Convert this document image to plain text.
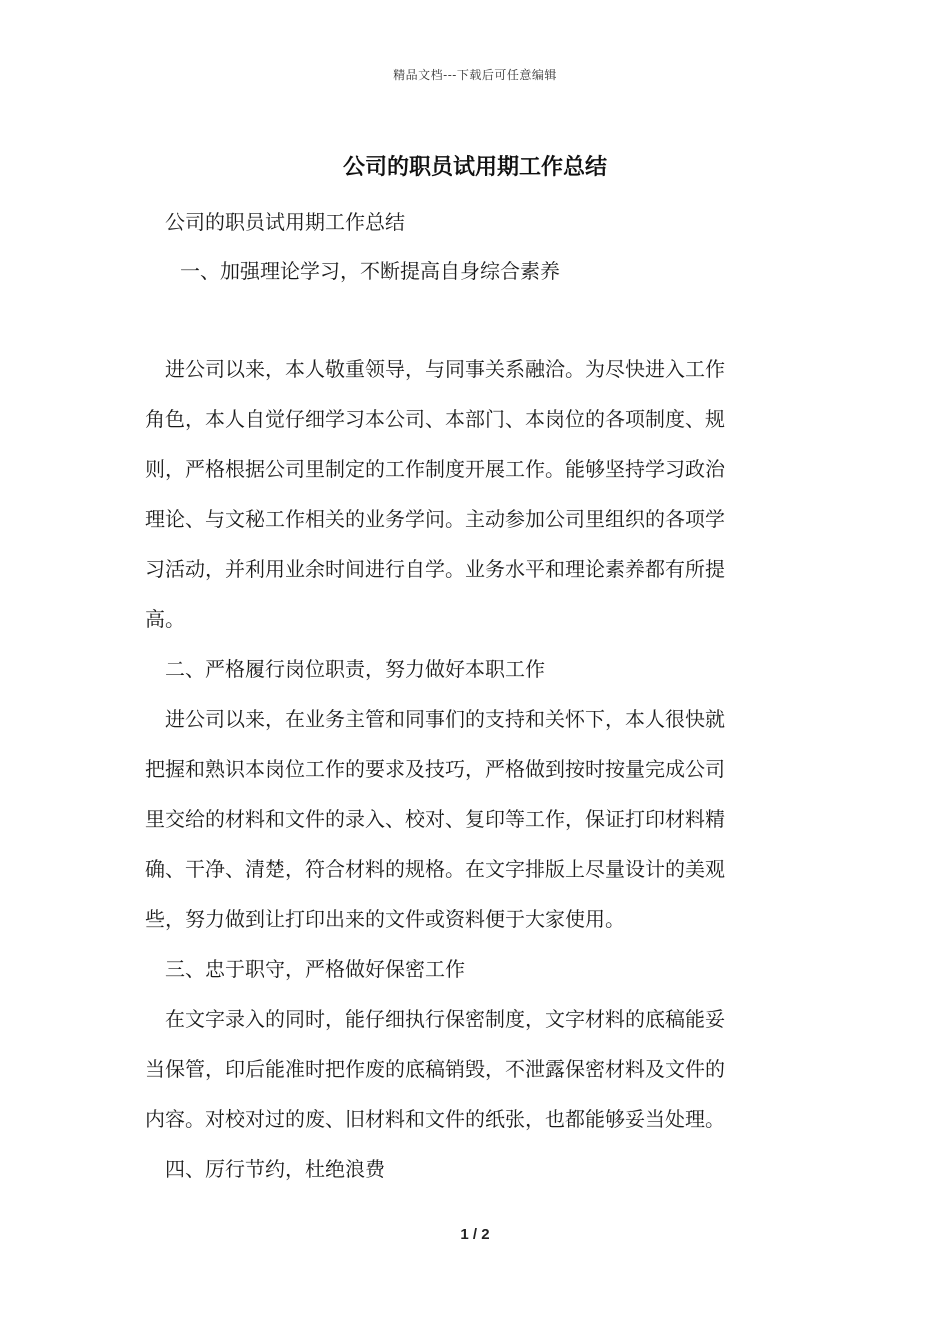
精品文档---下载后可任意编辑
公司的职员试用期工作总结
公司的职员试用期工作总结
一、加强理论学习，不断提高自身综合素养
进公司以来，本人敬重领导，与同事关系融洽。为尽快进入工作
角色，本人自觉仔细学习本公司、本部门、本岗位的各项制度、规
则，严格根据公司里制定的工作制度开展工作。能够坚持学习政治
理论、与文秘工作相关的业务学问。主动参加公司里组织的各项学
习活动，并利用业余时间进行自学。业务水平和理论素养都有所提
高。
二、严格履行岗位职责，努力做好本职工作
进公司以来，在业务主管和同事们的支持和关怀下，本人很快就
把握和熟识本岗位工作的要求及技巧，严格做到按时按量完成公司
里交给的材料和文件的录入、校对、复印等工作，保证打印材料精
确、干净、清楚，符合材料的规格。在文字排版上尽量设计的美观
些，努力做到让打印出来的文件或资料便于大家使用。
三、忠于职守，严格做好保密工作
在文字录入的同时，能仔细执行保密制度，文字材料的底稿能妥
当保管，印后能准时把作废的底稿销毁，不泄露保密材料及文件的
内容。对校对过的废、旧材料和文件的纸张，也都能够妥当处理。
四、厉行节约，杜绝浪费
1 / 2
